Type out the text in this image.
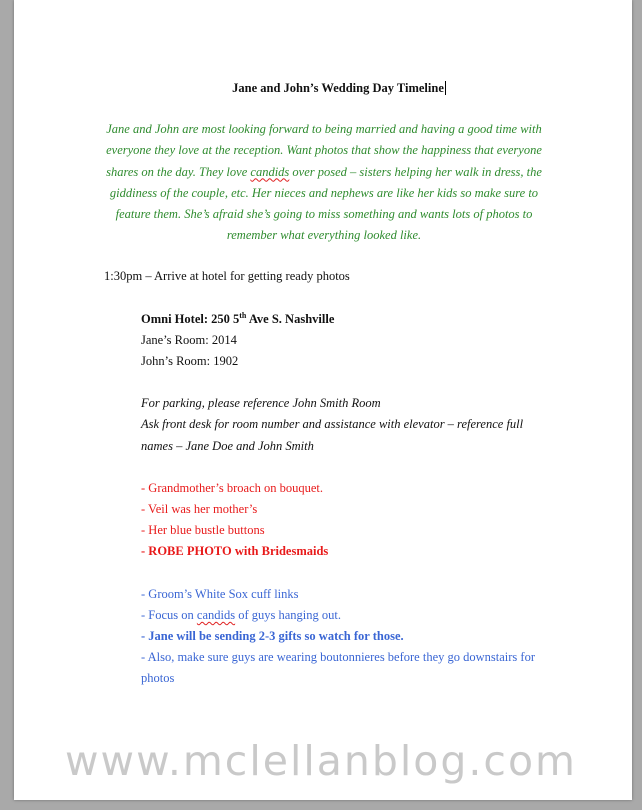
Jane and John’s Wedding Day Timeline

Jane and John are most looking forward to being married and having a good time with everyone they love at the reception. Want photos that show the happiness that everyone shares on the day. They love candids over posed – sisters helping her walk in dress, the giddiness of the couple, etc. Her nieces and nephews are like her kids so make sure to feature them. She’s afraid she’s going to miss something and wants lots of photos to remember what everything looked like.

1:30pm – Arrive at hotel for getting ready photos

Omni Hotel: 250 5th Ave S. Nashville

Jane’s Room: 2014

John’s Room: 1902

For parking, please reference John Smith Room

Ask front desk for room number and assistance with elevator – reference full names – Jane Doe and John Smith

- Grandmother’s broach on bouquet.

- Veil was her mother’s

- Her blue bustle buttons

- ROBE PHOTO with Bridesmaids

- Groom’s White Sox cuff links

- Focus on candids of guys hanging out.

- Jane will be sending 2-3 gifts so watch for those.

- Also, make sure guys are wearing boutonnieres before they go downstairs for photos

www.mclellanblog.com
